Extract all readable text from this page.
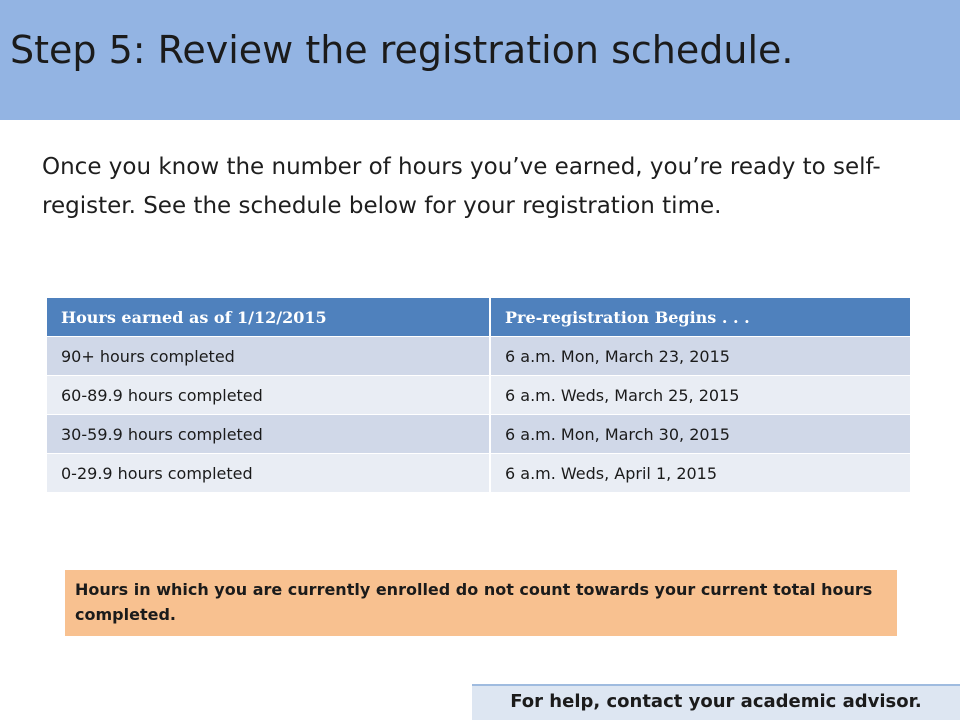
Step 5: Review the registration schedule.

Once you know the number of hours you’ve earned, you’re ready to self-register. See the schedule below for your registration time.

Hours earned as of 1/12/2015	Pre-registration Begins . . .
90+ hours completed	6 a.m. Mon, March 23, 2015
60-89.9 hours completed	6 a.m. Weds, March 25, 2015
30-59.9 hours completed	6 a.m. Mon, March 30, 2015
0-29.9 hours completed	6 a.m. Weds, April 1, 2015
Hours in which you are currently enrolled do not count towards your current total hours completed.
For help, contact your academic advisor.
